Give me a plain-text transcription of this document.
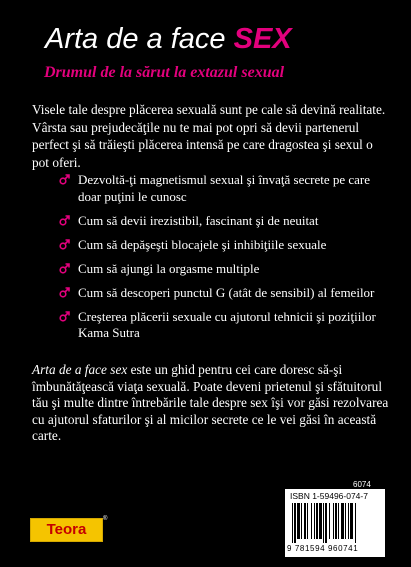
Arta de a face SEX
Drumul de la sărut la extazul sexual
Visele tale despre plăcerea sexuală sunt pe cale să devină realitate. Vârsta sau prejudecăţile nu te mai pot opri să devii partenerul perfect şi să trăieşti plăcerea intensă pe care dragostea şi sexul o pot oferi.
Dezvoltă-ţi magnetismul sexual şi învaţă secrete pe care doar puţini le cunosc
Cum să devii irezistibil, fascinant şi de neuitat
Cum să depăşeşti blocajele şi inhibiţiile sexuale
Cum să ajungi la orgasme multiple
Cum să descoperi punctul G (atât de sensibil) al femeilor
Creşterea plăcerii sexuale cu ajutorul tehnicii şi poziţiilor Kama Sutra
Arta de a face sex este un ghid pentru cei care doresc să-şi îmbunătăţească viaţa sexuală. Poate deveni prietenul şi sfătuitorul tău şi multe dintre întrebările tale despre sex îşi vor găsi rezolvarea cu ajutorul sfaturilor şi al micilor secrete ce le vei găsi în această carte.
6074
ISBN 1-59496-074-7
9 781594 960741
Teora
®
